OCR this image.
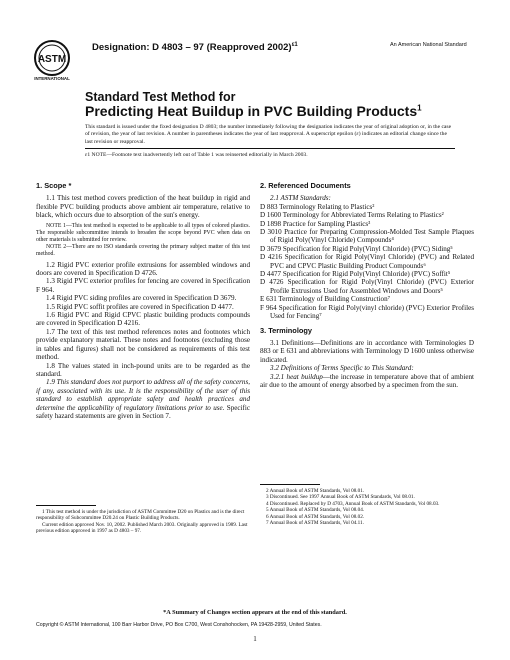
ASTM
INTERNATIONAL
Designation: D 4803 – 97 (Reapproved 2002)$^{\varepsilon 1}$	An American National Standard
Standard Test Method for
Predicting Heat Buildup in PVC Building Products$^1$
This standard is issued under the fixed designation D 4803; the number immediately following the designation indicates the year of original adoption or, in the case of revision, the year of last revision. A number in parentheses indicates the year of last reapproval. A superscript epsilon (ε) indicates an editorial change since the last revision or reapproval.
ε1 NOTE—Footnote text inadvertently left out of Table 1 was reinserted editorially in March 2003.

1. Scope *

1.1 This test method covers prediction of the heat buildup in rigid and flexible PVC building products above ambient air temperature, relative to black, which occurs due to absorption of the sun's energy.

NOTE 1—This test method is expected to be applicable to all types of colored plastics. The responsible subcommittee intends to broaden the scope beyond PVC when data on other materials is submitted for review.

NOTE 2—There are no ISO standards covering the primary subject matter of this test method.

1.2 Rigid PVC exterior profile extrusions for assembled windows and doors are covered in Specification D 4726.

1.3 Rigid PVC exterior profiles for fencing are covered in Specification F 964.

1.4 Rigid PVC siding profiles are covered in Specification D 3679.

1.5 Rigid PVC soffit profiles are covered in Specification D 4477.

1.6 Rigid PVC and Rigid CPVC plastic building products compounds are covered in Specification D 4216.

1.7 The text of this test method references notes and footnotes which provide explanatory material. These notes and footnotes (excluding those in tables and figures) shall not be considered as requirements of this test method.

1.8 The values stated in inch-pound units are to be regarded as the standard.

1.9 This standard does not purport to address all of the safety concerns, if any, associated with its use. It is the responsibility of the user of this standard to establish appropriate safety and health practices and determine the applicability of regulatory limitations prior to use. Specific safety hazard statements are given in Section 7.

1 This test method is under the jurisdiction of ASTM Committee D20 on Plastics and is the direct responsibility of Subcommittee D20.24 on Plastic Building Products.

Current edition approved Nov. 10, 2002. Published March 2003. Originally approved in 1989. Last previous edition approved in 1997 as D 4803 – 97.

2. Referenced Documents

2.1 ASTM Standards:

D 883 Terminology Relating to Plastics²

D 1600 Terminology for Abbreviated Terms Relating to Plastics²

D 1898 Practice for Sampling Plastics³

D 3010 Practice for Preparing Compression-Molded Test Sample Plaques of Rigid Poly(Vinyl Chloride) Compounds⁴

D 3679 Specification for Rigid Poly(Vinyl Chloride) (PVC) Siding⁵

D 4216 Specification for Rigid Poly(Vinyl Chloride) (PVC) and Related PVC and CPVC Plastic Building Product Compounds⁶

D 4477 Specification for Rigid Poly(Vinyl Chloride) (PVC) Soffit⁵

D 4726 Specification for Rigid Poly(Vinyl Chloride) (PVC) Exterior Profile Extrusions Used for Assembled Windows and Doors⁵

E 631 Terminology of Building Construction⁷

F 964 Specification for Rigid Poly(vinyl chloride) (PVC) Exterior Profiles Used for Fencing⁷

3. Terminology

3.1 Definitions—Definitions are in accordance with Terminologies D 883 or E 631 and abbreviations with Terminology D 1600 unless otherwise indicated.

3.2 Definitions of Terms Specific to This Standard:

3.2.1 heat buildup—the increase in temperature above that of ambient air due to the amount of energy absorbed by a specimen from the sun.

2 Annual Book of ASTM Standards, Vol 08.01.

3 Discontinued. See 1997 Annual Book of ASTM Standards, Vol 08.01.

4 Discontinued. Replaced by D 4703, Annual Book of ASTM Standards, Vol 08.03.

5 Annual Book of ASTM Standards, Vol 08.04.

6 Annual Book of ASTM Standards, Vol 08.02.

7 Annual Book of ASTM Standards, Vol 04.11.

*A Summary of Changes section appears at the end of this standard.
Copyright © ASTM International, 100 Barr Harbor Drive, PO Box C700, West Conshohocken, PA 19428-2959, United States.
1
